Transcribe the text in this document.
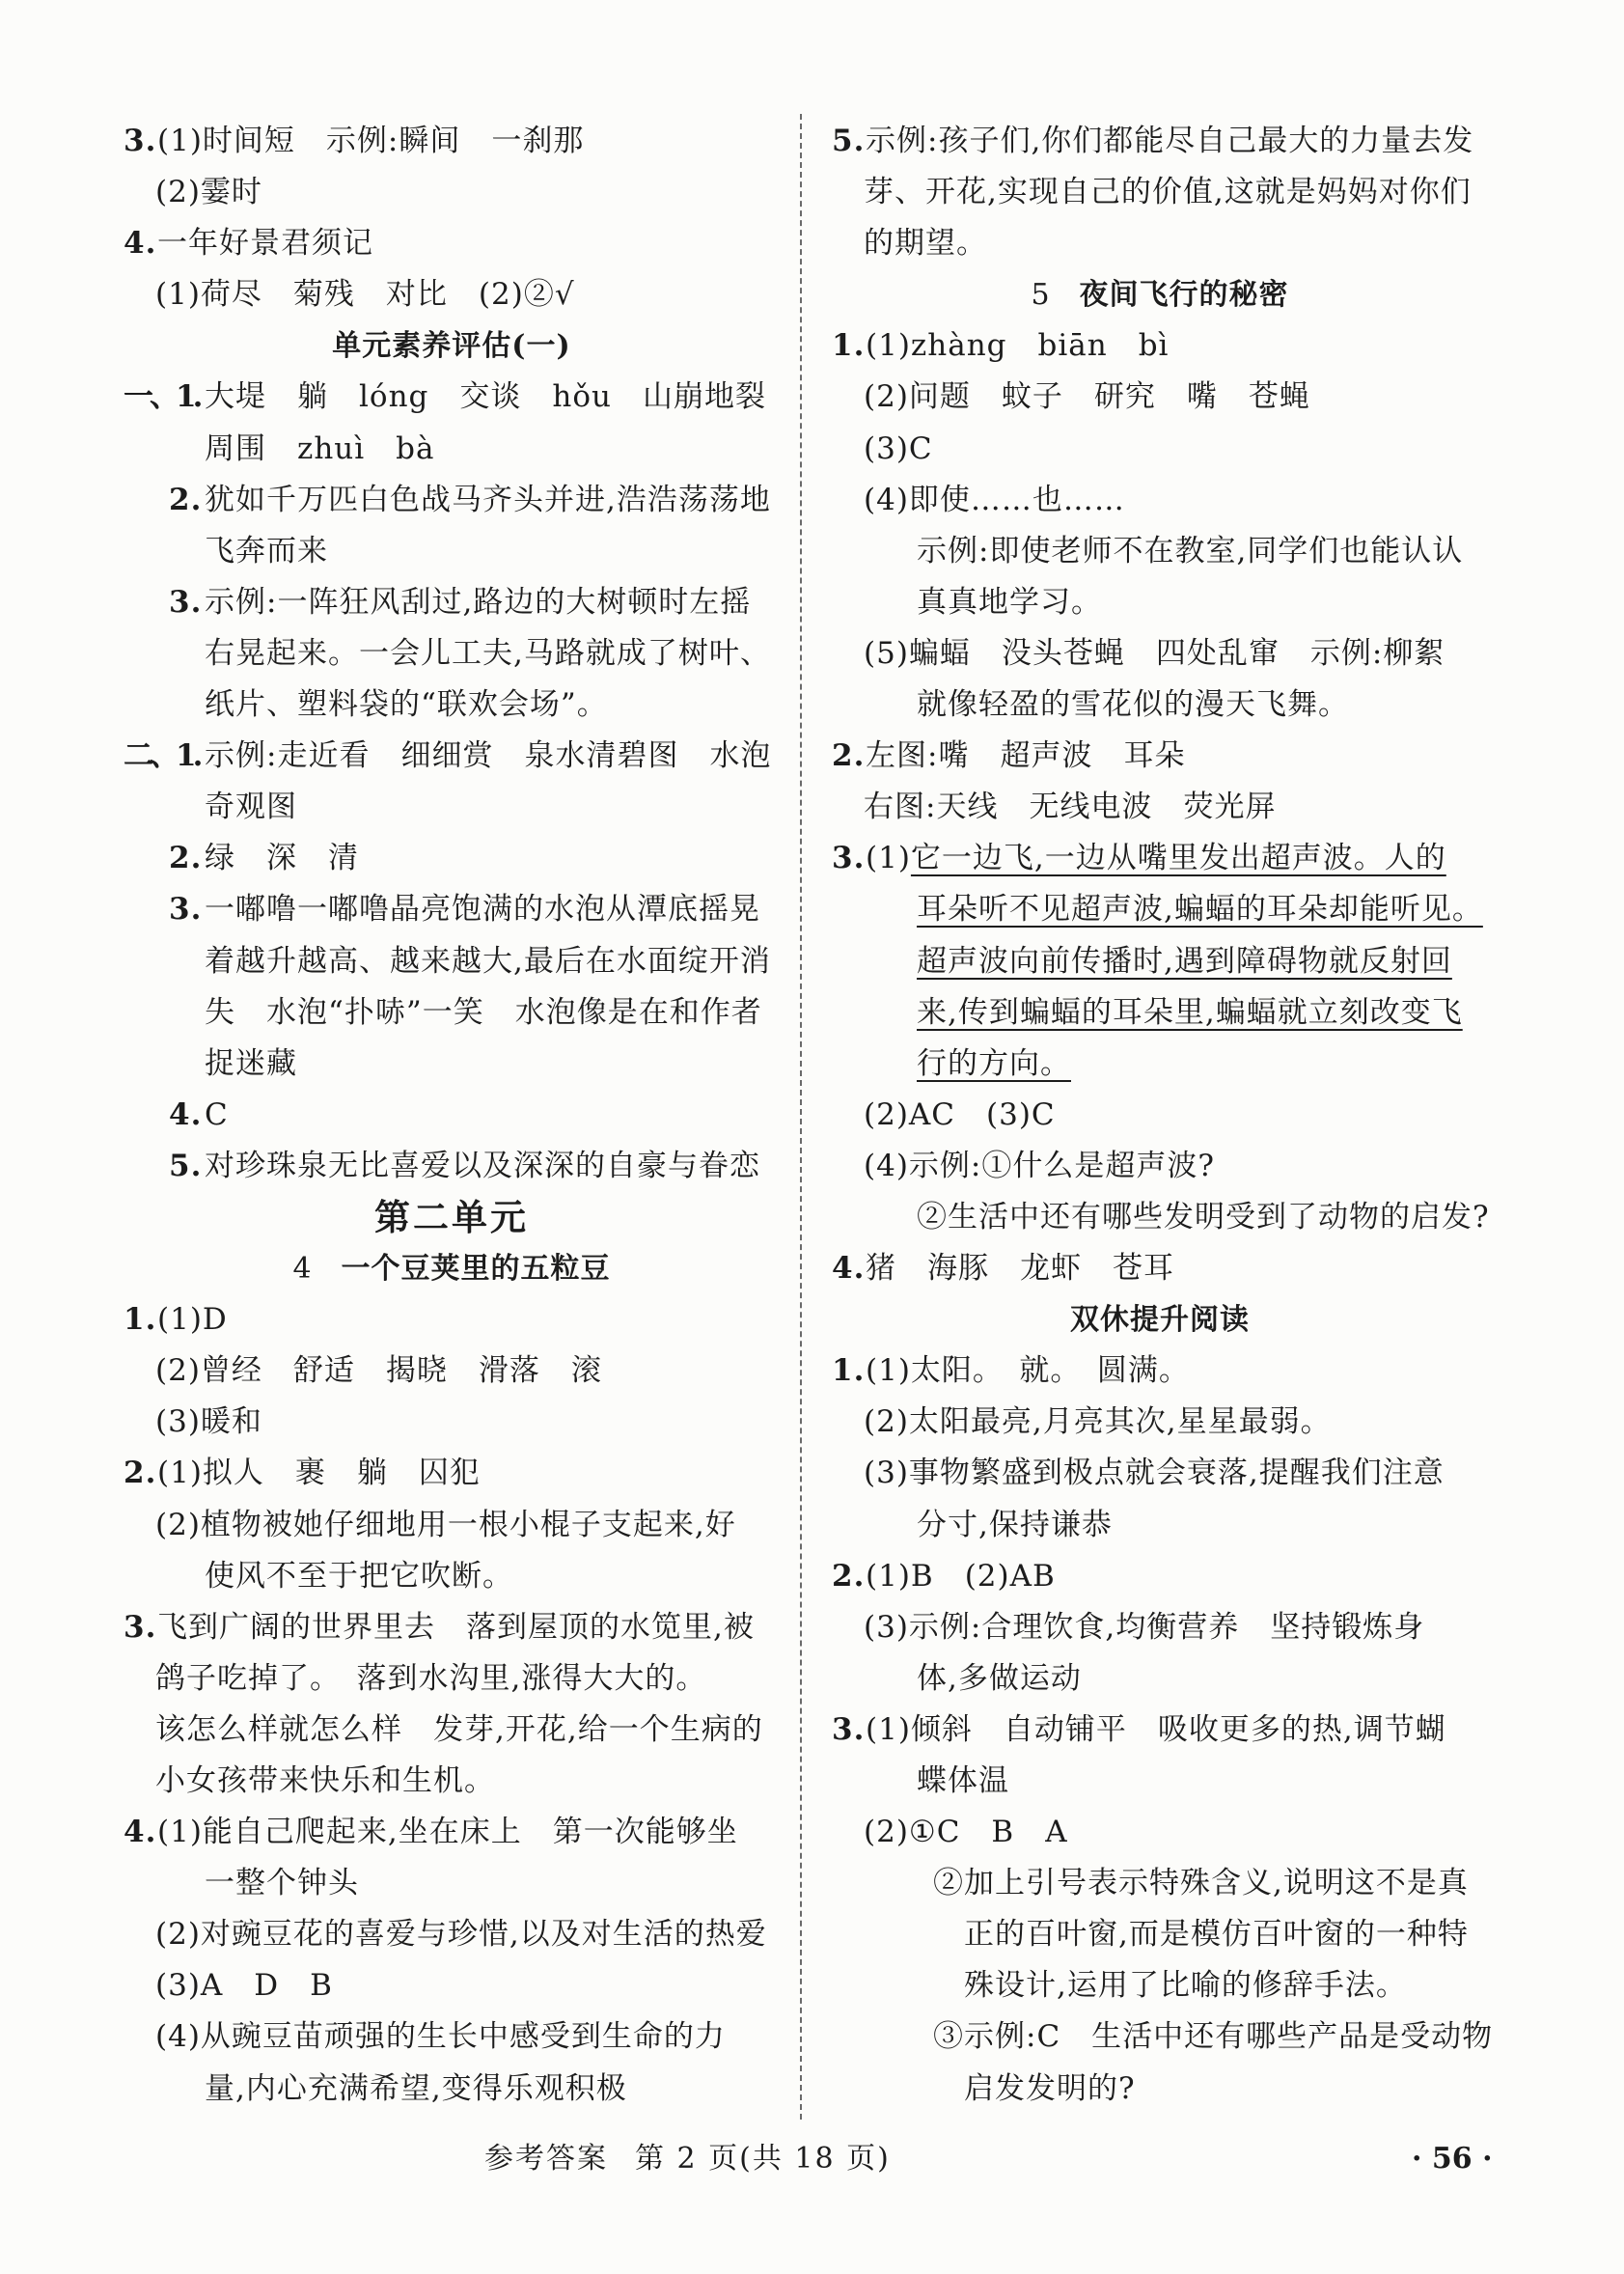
3.(1)时间短　示例:瞬间　一刹那
(2)霎时
4.一年好景君须记
(1)荷尽　菊残　对比　(2)②√
单元素养评估(一)
一、1. 大堤　躺　lóng　交谈　hǒu　山崩地裂
周围　zhuì　bà
2.犹如千万匹白色战马齐头并进,浩浩荡荡地
飞奔而来
3.示例:一阵狂风刮过,路边的大树顿时左摇
右晃起来。一会儿工夫,马路就成了树叶、
纸片、塑料袋的“联欢会场”。
二、1. 示例:走近看　细细赏　泉水清碧图　水泡
奇观图
2.绿　深　清
3.一嘟噜一嘟噜晶亮饱满的水泡从潭底摇晃
着越升越高、越来越大,最后在水面绽开消
失　水泡“扑哧”一笑　水泡像是在和作者
捉迷藏
4.C
5.对珍珠泉无比喜爱以及深深的自豪与眷恋
第二单元
4 一个豆荚里的五粒豆
1.(1)D
(2)曾经　舒适　揭晓　滑落　滚
(3)暖和
2.(1)拟人　裹　躺　囚犯
(2)植物被她仔细地用一根小棍子支起来,好
使风不至于把它吹断。
3.飞到广阔的世界里去　落到屋顶的水笕里,被
鸽子吃掉了。　落到水沟里,涨得大大的。
该怎么样就怎么样　发芽,开花,给一个生病的
小女孩带来快乐和生机。
4.(1)能自己爬起来,坐在床上　第一次能够坐
一整个钟头
(2)对豌豆花的喜爱与珍惜,以及对生活的热爱
(3)A　D　B
(4)从豌豆苗顽强的生长中感受到生命的力
量,内心充满希望,变得乐观积极
5.示例:孩子们,你们都能尽自己最大的力量去发
芽、开花,实现自己的价值,这就是妈妈对你们
的期望。
5 夜间飞行的秘密
1.(1)zhàng　biān　bì
(2)问题　蚊子　研究　嘴　苍蝇
(3)C
(4)即使……也……
示例:即使老师不在教室,同学们也能认认
真真地学习。
(5)蝙蝠　没头苍蝇　四处乱窜　示例:柳絮
就像轻盈的雪花似的漫天飞舞。
2.左图:嘴　超声波　耳朵
右图:天线　无线电波　荧光屏
3.(1)它一边飞,一边从嘴里发出超声波。人的
耳朵听不见超声波,蝙蝠的耳朵却能听见。
超声波向前传播时,遇到障碍物就反射回
来,传到蝙蝠的耳朵里,蝙蝠就立刻改变飞
行的方向。
(2)AC　(3)C
(4)示例:①什么是超声波?
②生活中还有哪些发明受到了动物的启发?
4.猪　海豚　龙虾　苍耳
双休提升阅读
1.(1)太阳。　就。　圆满。
(2)太阳最亮,月亮其次,星星最弱。
(3)事物繁盛到极点就会衰落,提醒我们注意
分寸,保持谦恭
2.(1)B　(2)AB
(3)示例:合理饮食,均衡营养　坚持锻炼身
体,多做运动
3.(1)倾斜　自动铺平　吸收更多的热,调节蝴
蝶体温
(2)①C　B　A
②加上引号表示特殊含义,说明这不是真
正的百叶窗,而是模仿百叶窗的一种特
殊设计,运用了比喻的修辞手法。
③示例:C　生活中还有哪些产品是受动物
启发发明的?
参考答案 第 2 页(共 18 页)	· 56 ·
